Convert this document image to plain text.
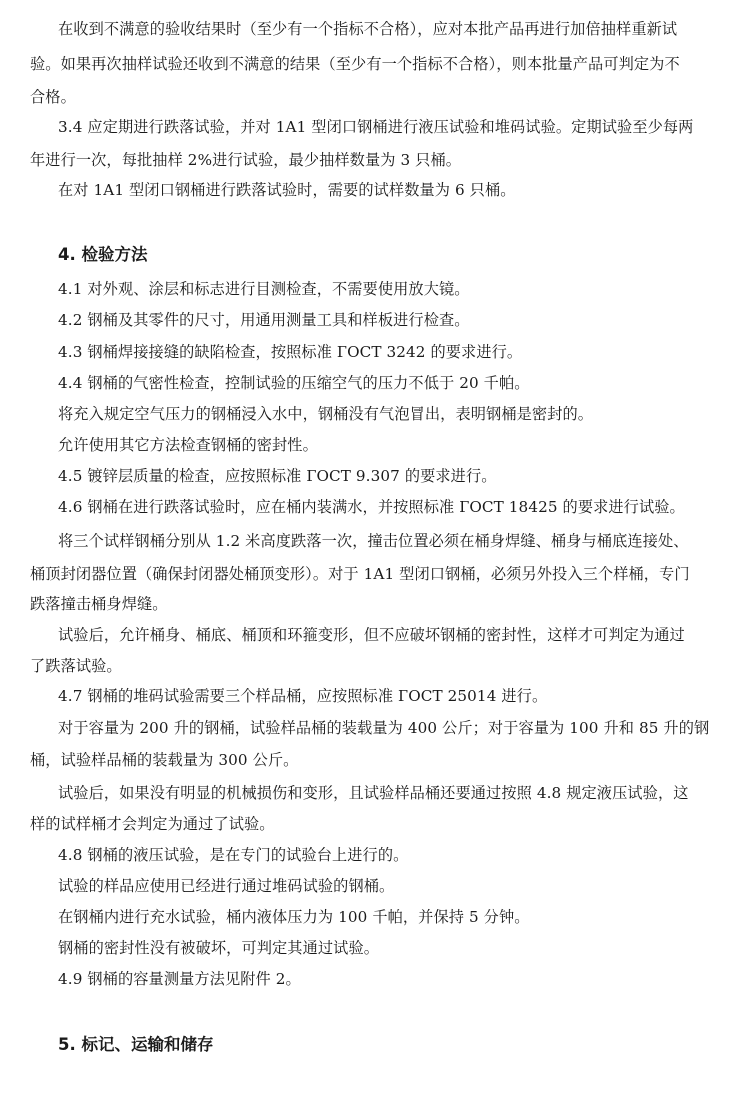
在收到不满意的验收结果时（至少有一个指标不合格），应对本批产品再进行加倍抽样重新试
验。如果再次抽样试验还收到不满意的结果（至少有一个指标不合格），则本批量产品可判定为不
合格。
3.4 应定期进行跌落试验，并对 1A1 型闭口钢桶进行液压试验和堆码试验。定期试验至少每两
年进行一次，每批抽样 2%进行试验，最少抽样数量为 3 只桶。
在对 1A1 型闭口钢桶进行跌落试验时，需要的试样数量为 6 只桶。
4. 检验方法
4.1 对外观、涂层和标志进行目测检查，不需要使用放大镜。
4.2 钢桶及其零件的尺寸，用通用测量工具和样板进行检查。
4.3 钢桶焊接接缝的缺陷检查，按照标准 ГОСТ 3242 的要求进行。
4.4 钢桶的气密性检查，控制试验的压缩空气的压力不低于 20 千帕。
将充入规定空气压力的钢桶浸入水中，钢桶没有气泡冒出，表明钢桶是密封的。
允许使用其它方法检查钢桶的密封性。
4.5 镀锌层质量的检查，应按照标准 ГОСТ 9.307 的要求进行。
4.6 钢桶在进行跌落试验时，应在桶内装满水，并按照标准 ГОСТ 18425 的要求进行试验。
将三个试样钢桶分别从 1.2 米高度跌落一次，撞击位置必须在桶身焊缝、桶身与桶底连接处、
桶顶封闭器位置（确保封闭器处桶顶变形）。对于 1A1 型闭口钢桶，必须另外投入三个样桶，专门
跌落撞击桶身焊缝。
试验后，允许桶身、桶底、桶顶和环箍变形，但不应破坏钢桶的密封性，这样才可判定为通过
了跌落试验。
4.7 钢桶的堆码试验需要三个样品桶，应按照标准 ГОСТ 25014 进行。
对于容量为 200 升的钢桶，试验样品桶的装载量为 400 公斤；对于容量为 100 升和 85 升的钢
桶，试验样品桶的装载量为 300 公斤。
试验后，如果没有明显的机械损伤和变形，且试验样品桶还要通过按照 4.8 规定液压试验，这
样的试样桶才会判定为通过了试验。
4.8 钢桶的液压试验，是在专门的试验台上进行的。
试验的样品应使用已经进行通过堆码试验的钢桶。
在钢桶内进行充水试验，桶内液体压力为 100 千帕，并保持 5 分钟。
钢桶的密封性没有被破坏，可判定其通过试验。
4.9 钢桶的容量测量方法见附件 2。
5. 标记、运输和储存
